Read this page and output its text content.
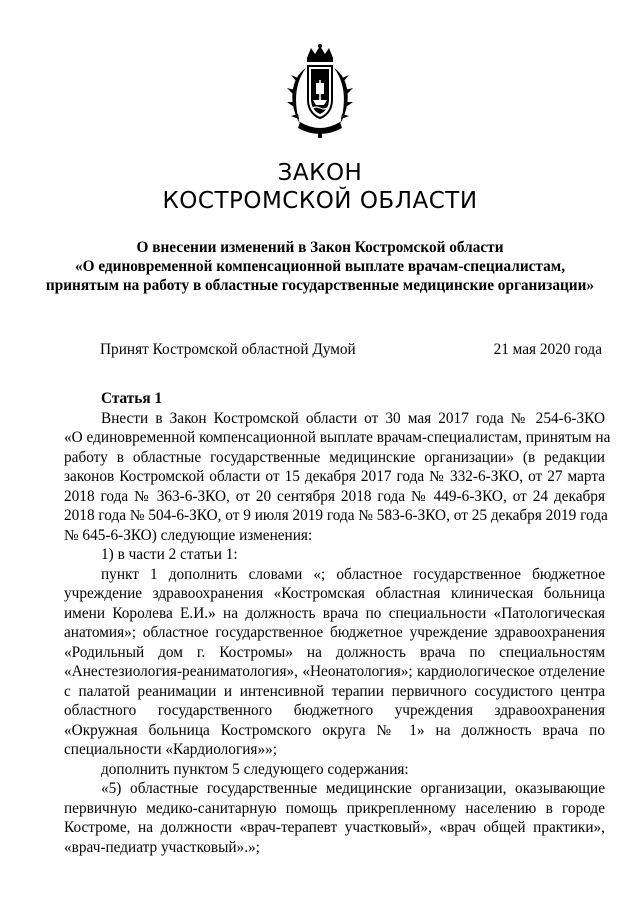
ЗАКОН
КОСТРОМСКОЙ ОБЛАСТИ
О внесении изменений в Закон Костромской области
«О единовременной компенсационной выплате врачам-специалистам,
принятым на работу в областные государственные медицинские организации»
Принят Костромской областной Думой	21 мая 2020 года
Статья 1
Внести в Закон Костромской области от 30 мая 2017 года № 254-6-ЗКО
«О единовременной компенсационной выплате врачам-специалистам, принятым на
работу в областные государственные медицинские организации» (в редакции
законов Костромской области от 15 декабря 2017 года № 332-6-ЗКО, от 27 марта
2018 года № 363-6-ЗКО, от 20 сентября 2018 года № 449-6-ЗКО, от 24 декабря
2018 года № 504-6-ЗКО, от 9 июля 2019 года № 583-6-ЗКО, от 25 декабря 2019 года
№ 645-6-ЗКО) следующие изменения:
1) в части 2 статьи 1:
пункт 1 дополнить словами «; областное государственное бюджетное
учреждение здравоохранения «Костромская областная клиническая больница
имени Королева Е.И.» на должность врача по специальности «Патологическая
анатомия»; областное государственное бюджетное учреждение здравоохранения
«Родильный дом г. Костромы» на должность врача по специальностям
«Анестезиология-реаниматология», «Неонатология»; кардиологическое отделение
с палатой реанимации и интенсивной терапии первичного сосудистого центра
областного государственного бюджетного учреждения здравоохранения
«Окружная больница Костромского округа № 1» на должность врача по
специальности «Кардиология»»;
дополнить пунктом 5 следующего содержания:
«5) областные государственные медицинские организации, оказывающие
первичную медико-санитарную помощь прикрепленному населению в городе
Костроме, на должности «врач-терапевт участковый», «врач общей практики»,
«врач-педиатр участковый».»;
